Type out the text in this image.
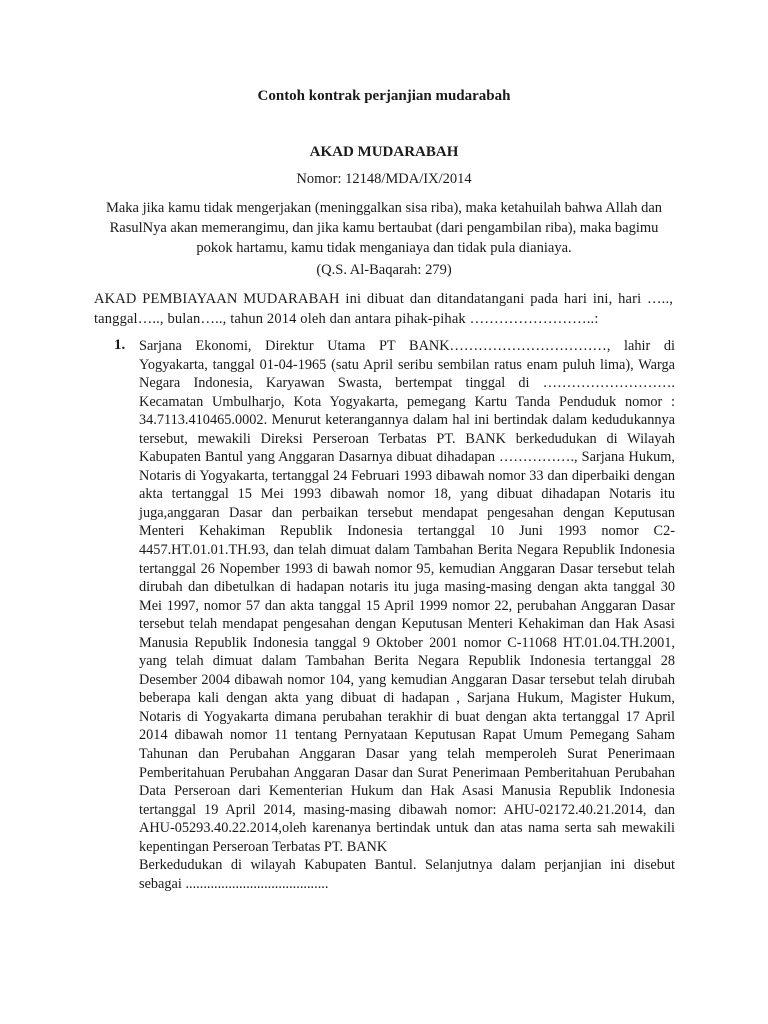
Contoh kontrak perjanjian mudarabah
AKAD MUDARABAH
Nomor: 12148/MDA/IX/2014
Maka jika kamu tidak mengerjakan (meninggalkan sisa riba), maka ketahuilah bahwa Allah dan RasulNya akan memerangimu, dan jika kamu bertaubat (dari pengambilan riba), maka bagimu pokok hartamu, kamu tidak menganiaya dan tidak pula dianiaya.
(Q.S. Al-Baqarah: 279)
AKAD PEMBIAYAAN MUDARABAH ini dibuat dan ditandatangani pada hari ini, hari ….., tanggal….., bulan….., tahun 2014 oleh dan antara pihak-pihak ……………………..:
1. Sarjana Ekonomi, Direktur Utama PT BANK……………………………, lahir di Yogyakarta, tanggal 01-04-1965 (satu April seribu sembilan ratus enam puluh lima), Warga Negara Indonesia, Karyawan Swasta, bertempat tinggal di ………………………. Kecamatan Umbulharjo, Kota Yogyakarta, pemegang Kartu Tanda Penduduk nomor : 34.7113.410465.0002. Menurut keterangannya dalam hal ini bertindak dalam kedudukannya tersebut, mewakili Direksi Perseroan Terbatas PT. BANK berkedudukan di Wilayah Kabupaten Bantul yang Anggaran Dasarnya dibuat dihadapan ……………., Sarjana Hukum, Notaris di Yogyakarta, tertanggal 24 Februari 1993 dibawah nomor 33 dan diperbaiki dengan akta tertanggal 15 Mei 1993 dibawah nomor 18, yang dibuat dihadapan Notaris itu juga,anggaran Dasar dan perbaikan tersebut mendapat pengesahan dengan Keputusan Menteri Kehakiman Republik Indonesia tertanggal 10 Juni 1993 nomor C2-4457.HT.01.01.TH.93, dan telah dimuat dalam Tambahan Berita Negara Republik Indonesia tertanggal 26 Nopember 1993 di bawah nomor 95, kemudian Anggaran Dasar tersebut telah dirubah dan dibetulkan di hadapan notaris itu juga masing-masing dengan akta tanggal 30 Mei 1997, nomor 57 dan akta tanggal 15 April 1999 nomor 22, perubahan Anggaran Dasar tersebut telah mendapat pengesahan dengan Keputusan Menteri Kehakiman dan Hak Asasi Manusia Republik Indonesia tanggal 9 Oktober 2001 nomor C-11068 HT.01.04.TH.2001, yang telah dimuat dalam Tambahan Berita Negara Republik Indonesia tertanggal 28 Desember 2004 dibawah nomor 104, yang kemudian Anggaran Dasar tersebut telah dirubah beberapa kali dengan akta yang dibuat di hadapan , Sarjana Hukum, Magister Hukum, Notaris di Yogyakarta dimana perubahan terakhir di buat dengan akta tertanggal 17 April 2014 dibawah nomor 11 tentang Pernyataan Keputusan Rapat Umum Pemegang Saham Tahunan dan Perubahan Anggaran Dasar yang telah memperoleh Surat Penerimaan Pemberitahuan Perubahan Anggaran Dasar dan Surat Penerimaan Pemberitahuan Perubahan Data Perseroan dari Kementerian Hukum dan Hak Asasi Manusia Republik Indonesia tertanggal 19 April 2014, masing-masing dibawah nomor: AHU-02172.40.21.2014, dan AHU-05293.40.22.2014,oleh karenanya bertindak untuk dan atas nama serta sah mewakili kepentingan Perseroan Terbatas PT. BANK
Berkedudukan di wilayah Kabupaten Bantul. Selanjutnya dalam perjanjian ini disebut sebagai ........................................
